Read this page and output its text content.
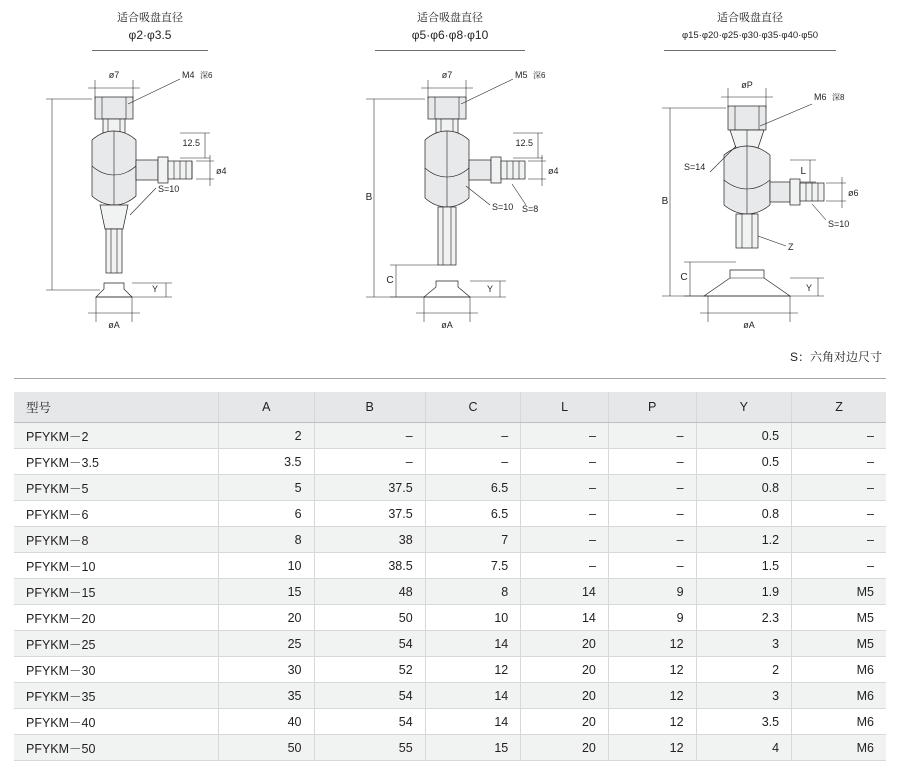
适合吸盘直径
φ2·φ3.5
ø7	M4 深6
12.5
ø4
S=10
Y
øA
适合吸盘直径
φ5·φ6·φ8·φ10
ø7	M5 深6
12.5
ø4
S=10 S=8
B
C
Y
øA
适合吸盘直径
φ15·φ20·φ25·φ30·φ35·φ40·φ50
øP
M6 深8
S=14	L
ø6
S=10
Z
B
C
Y
øA
S：六角对边尺寸
型号	A	B	C	L	P	Y	Z
PFYKM－2	2	–	–	–	–	0.5	–
PFYKM－3.5	3.5	–	–	–	–	0.5	–
PFYKM－5	5	37.5	6.5	–	–	0.8	–
PFYKM－6	6	37.5	6.5	–	–	0.8	–
PFYKM－8	8	38	7	–	–	1.2	–
PFYKM－10	10	38.5	7.5	–	–	1.5	–
PFYKM－15	15	48	8	14	9	1.9	M5
PFYKM－20	20	50	10	14	9	2.3	M5
PFYKM－25	25	54	14	20	12	3	M5
PFYKM－30	30	52	12	20	12	2	M6
PFYKM－35	35	54	14	20	12	3	M6
PFYKM－40	40	54	14	20	12	3.5	M6
PFYKM－50	50	55	15	20	12	4	M6
